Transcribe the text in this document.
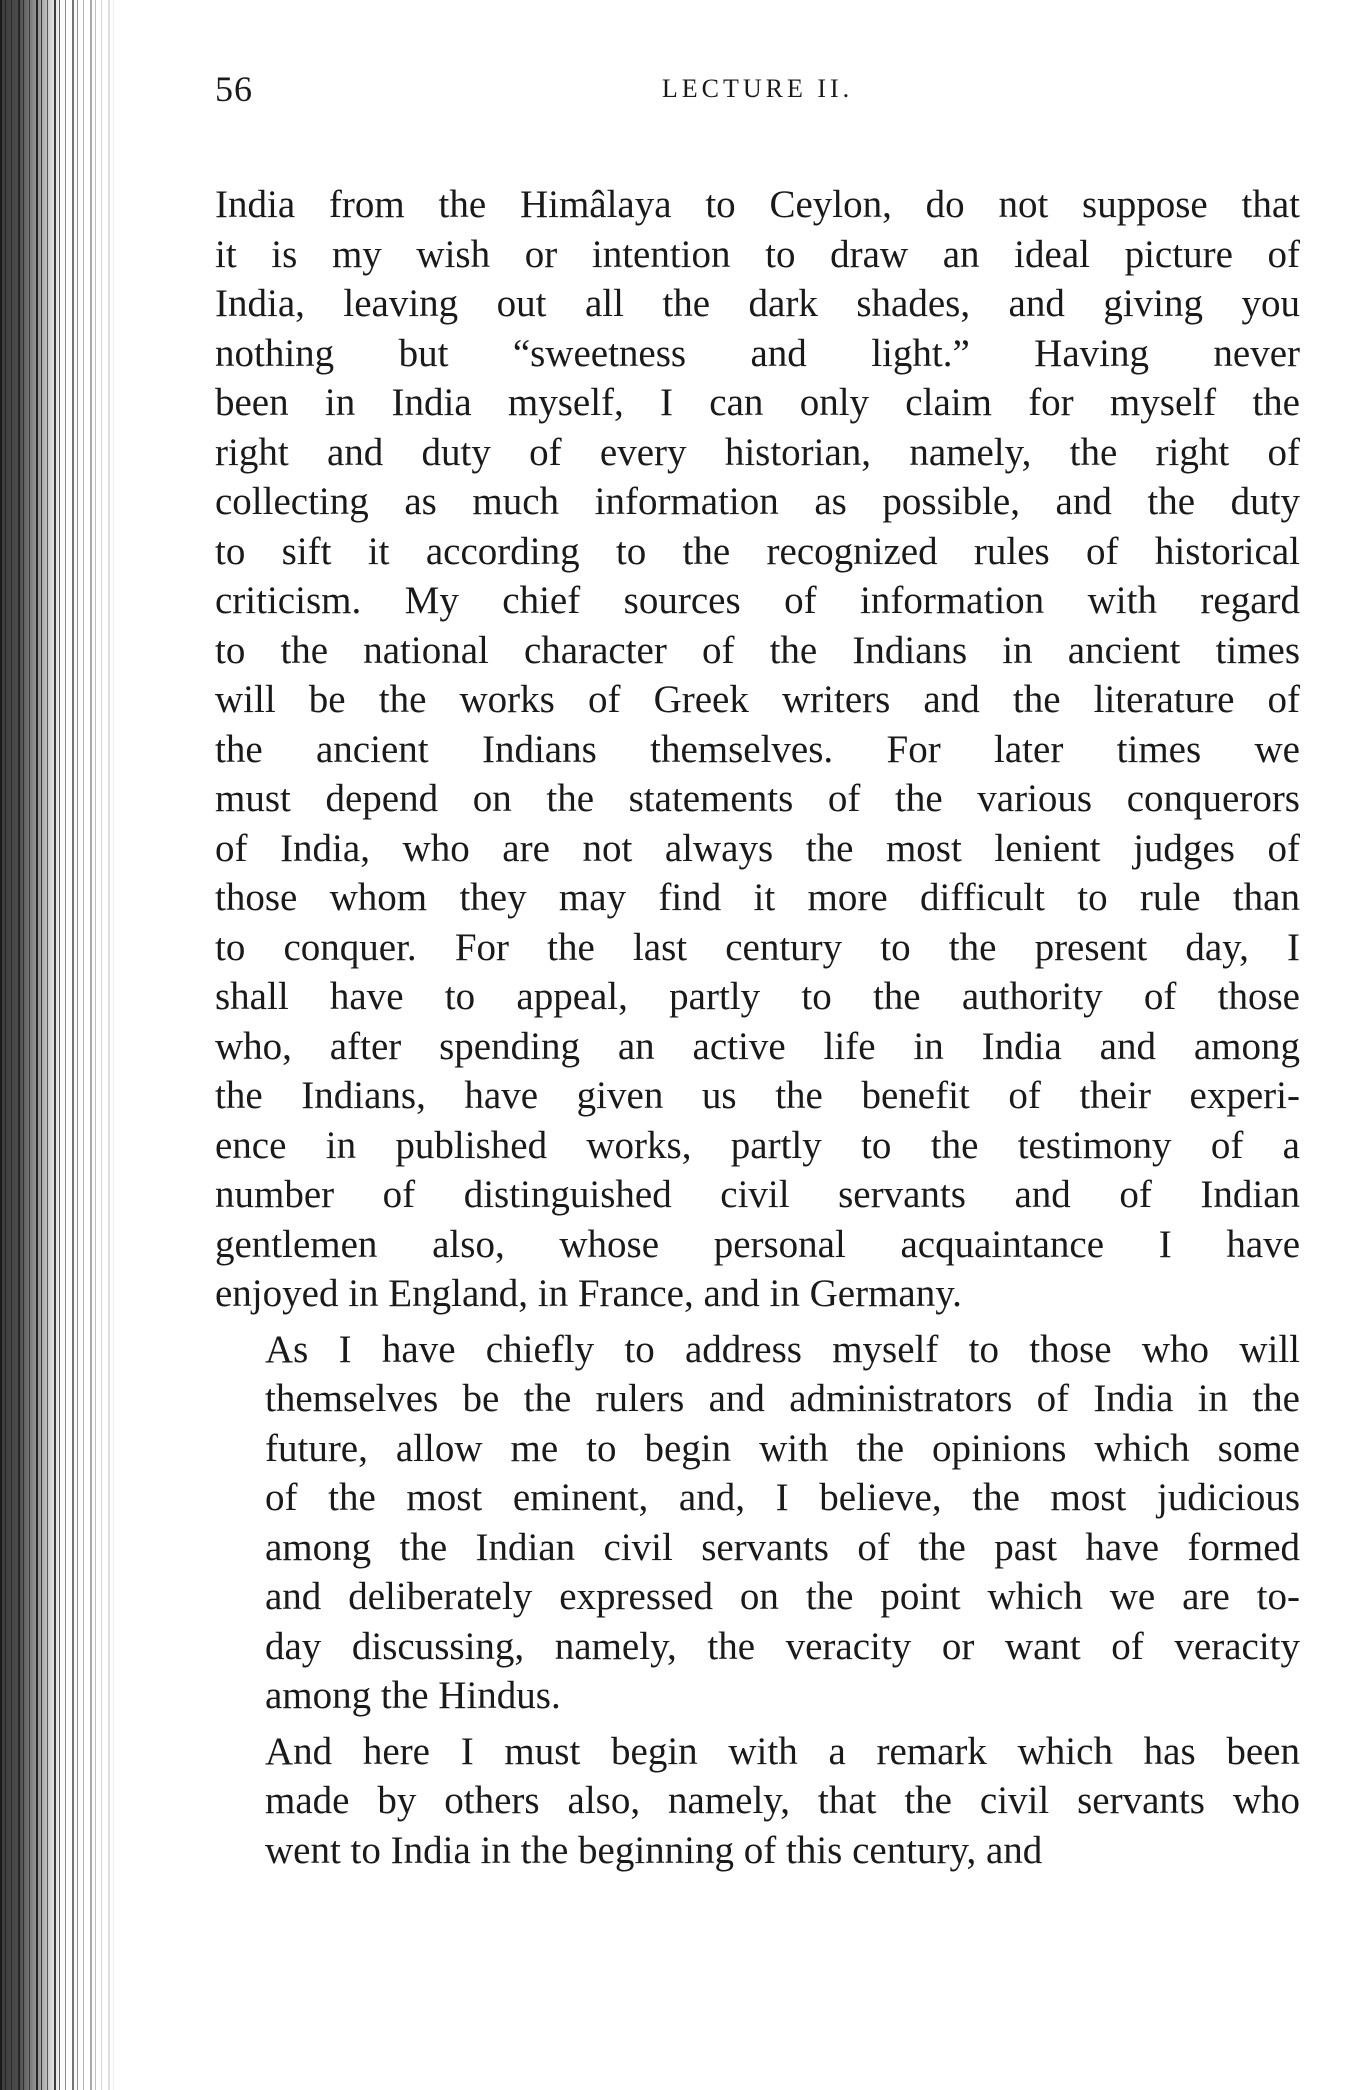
56	LECTURE II.

India from the Himâlaya to Ceylon, do not suppose that
it is my wish or intention to draw an ideal picture of
India, leaving out all the dark shades, and giving you
nothing but “sweetness and light.” Having never
been in India myself, I can only claim for myself the
right and duty of every historian, namely, the right of
collecting as much information as possible, and the duty
to sift it according to the recognized rules of historical
criticism. My chief sources of information with regard
to the national character of the Indians in ancient times
will be the works of Greek writers and the literature of
the ancient Indians themselves. For later times we
must depend on the statements of the various conquerors
of India, who are not always the most lenient judges of
those whom they may find it more difficult to rule than
to conquer. For the last century to the present day, I
shall have to appeal, partly to the authority of those
who, after spending an active life in India and among
the Indians, have given us the benefit of their experi-
ence in published works, partly to the testimony of a
number of distinguished civil servants and of Indian
gentlemen also, whose personal acquaintance I have
enjoyed in England, in France, and in Germany.

As I have chiefly to address myself to those who will
themselves be the rulers and administrators of India in the
future, allow me to begin with the opinions which some
of the most eminent, and, I believe, the most judicious
among the Indian civil servants of the past have formed
and deliberately expressed on the point which we are to-
day discussing, namely, the veracity or want of veracity
among the Hindus.

And here I must begin with a remark which has been
made by others also, namely, that the civil servants who
went to India in the beginning of this century, and
